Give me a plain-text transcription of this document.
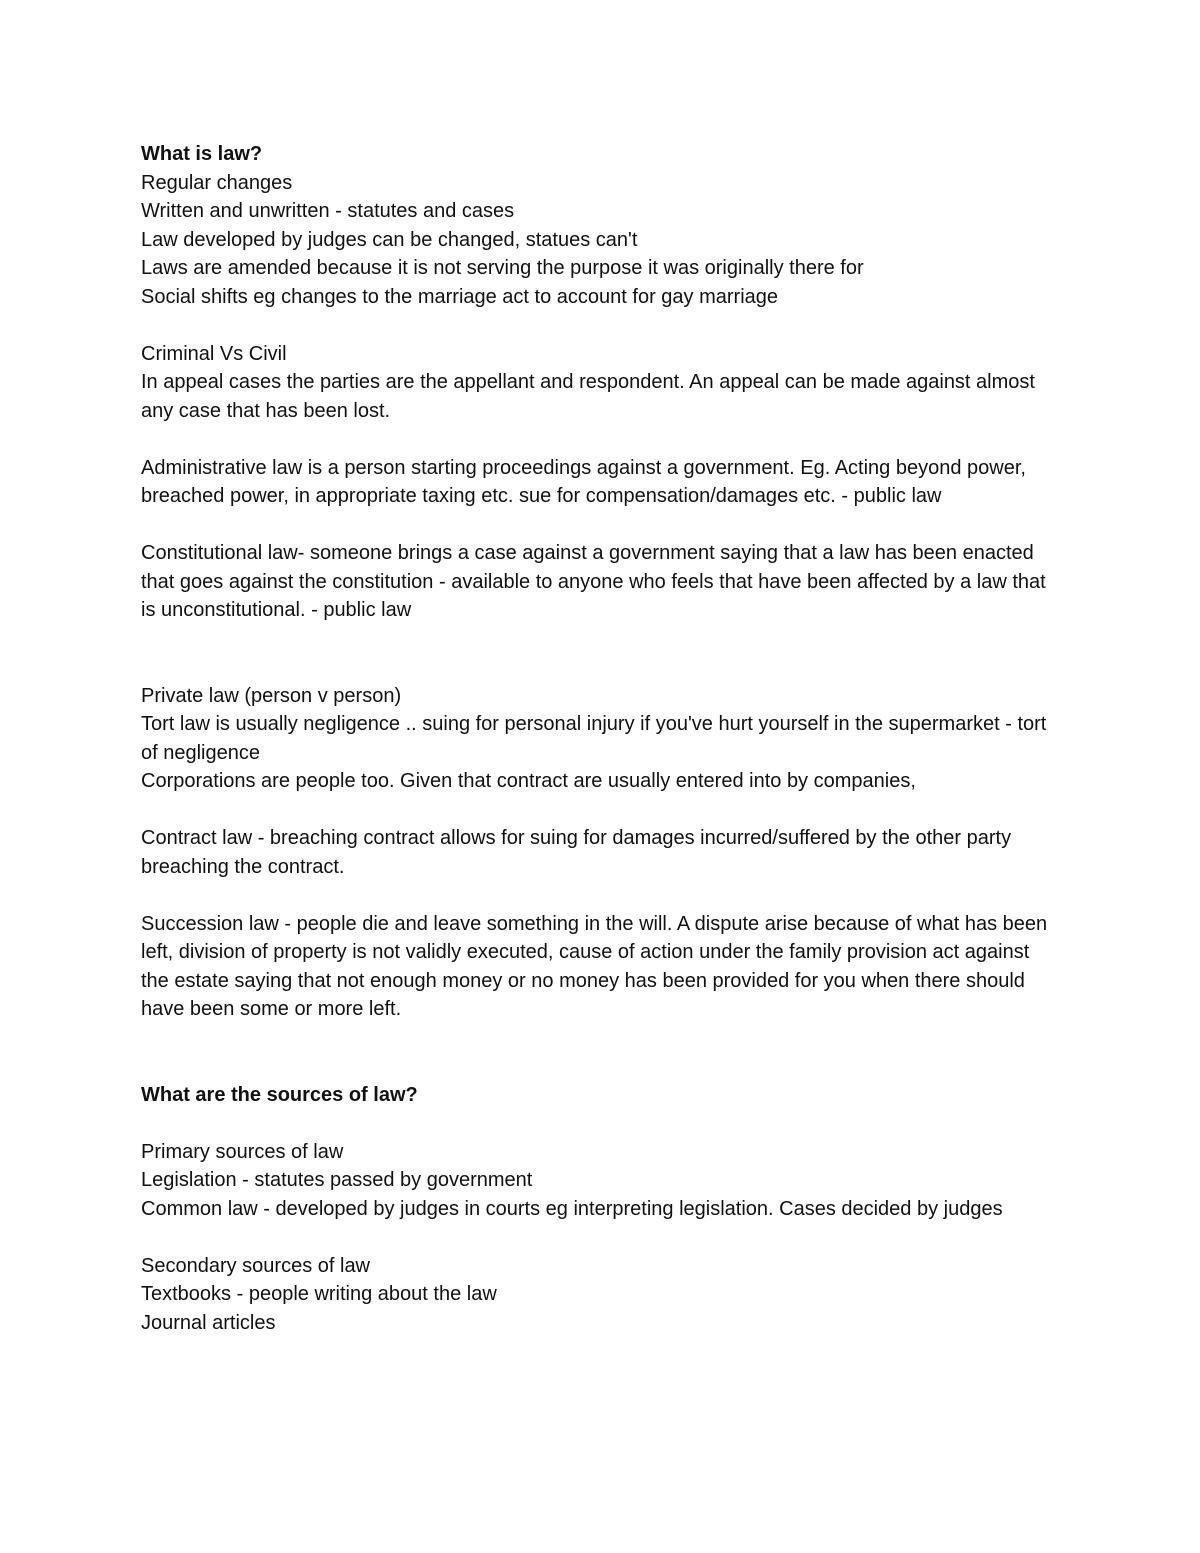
What is law?
Regular changes
Written and unwritten - statutes and cases
Law developed by judges can be changed, statues can't
Laws are amended because it is not serving the purpose it was originally there for
Social shifts eg changes to the marriage act to account for gay marriage
Criminal Vs Civil
In appeal cases the parties are the appellant and respondent. An appeal can be made against almost any case that has been lost.
Administrative law is a person starting proceedings against a government. Eg. Acting beyond power, breached power, in appropriate taxing etc. sue for compensation/damages etc. - public law
Constitutional law- someone brings a case against a government saying that a law has been enacted that goes against the constitution - available to anyone who feels that have been affected by a law that is unconstitutional. - public law
Private law (person v person)
Tort law is usually negligence .. suing for personal injury if you've hurt yourself in the supermarket - tort of negligence
Corporations are people too. Given that contract are usually entered into by companies,
Contract law - breaching contract allows for suing for damages incurred/suffered by the other party breaching the contract.
Succession law - people die and leave something in the will. A dispute arise because of what has been left, division of property is not validly executed, cause of action under the family provision act against the estate saying that not enough money or no money has been provided for you when there should have been some or more left.
What are the sources of law?
Primary sources of law
Legislation - statutes passed by government
Common law - developed by judges in courts eg interpreting legislation. Cases decided by judges
Secondary sources of law
Textbooks - people writing about the law
Journal articles
